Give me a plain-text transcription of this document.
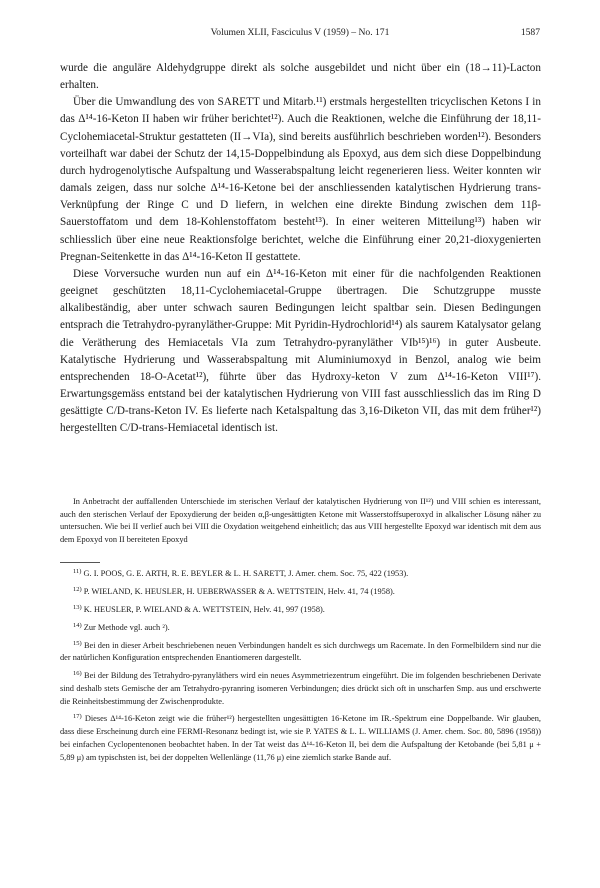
Volumen XLII, Fasciculus V (1959) – No. 171	1587

wurde die anguläre Aldehydgruppe direkt als solche ausgebildet und nicht über ein (18→11)-Lacton erhalten.

Über die Umwandlung des von SARETT und Mitarb.¹¹) erstmals hergestellten tricyclischen Ketons I in das Δ¹⁴-16-Keton II haben wir früher berichtet¹²). Auch die Reaktionen, welche die Einführung der 18,11-Cyclohemiacetal-Struktur gestatteten (II→VIa), sind bereits ausführlich beschrieben worden¹²). Besonders vorteilhaft war dabei der Schutz der 14,15-Doppelbindung als Epoxyd, aus dem sich diese Doppelbindung durch hydrogenolytische Aufspaltung und Wasserabspaltung leicht regenerieren liess. Weiter konnten wir damals zeigen, dass nur solche Δ¹⁴-16-Ketone bei der anschliessenden katalytischen Hydrierung trans-Verknüpfung der Ringe C und D liefern, in welchen eine direkte Bindung zwischen dem 11β-Sauerstoffatom und dem 18-Kohlenstoffatom besteht¹³). In einer weiteren Mitteilung¹³) haben wir schliesslich über eine neue Reaktionsfolge berichtet, welche die Einführung einer 20,21-dioxygenierten Pregnan-Seitenkette in das Δ¹⁴-16-Keton II gestattete.

Diese Vorversuche wurden nun auf ein Δ¹⁴-16-Keton mit einer für die nachfolgenden Reaktionen geeignet geschützten 18,11-Cyclohemiacetal-Gruppe übertragen. Die Schutzgruppe musste alkalibeständig, aber unter schwach sauren Bedingungen leicht spaltbar sein. Diesen Bedingungen entsprach die Tetrahydro-pyranyläther-Gruppe: Mit Pyridin-Hydrochlorid¹⁴) als saurem Katalysator gelang die Verätherung des Hemiacetals VIa zum Tetrahydro-pyranyläther VIb¹⁵)¹⁶) in guter Ausbeute. Katalytische Hydrierung und Wasserabspaltung mit Aluminiumoxyd in Benzol, analog wie beim entsprechenden 18-O-Acetat¹²), führte über das Hydroxy-keton V zum Δ¹⁴-16-Keton VIII¹⁷). Erwartungsgemäss entstand bei der katalytischen Hydrierung von VIII fast ausschliesslich das im Ring D gesättigte C/D-trans-Keton IV. Es lieferte nach Ketalspaltung das 3,16-Diketon VII, das mit dem früher¹²) hergestellten C/D-trans-Hemiacetal identisch ist.

In Anbetracht der auffallenden Unterschiede im sterischen Verlauf der katalytischen Hydrierung von II¹²) und VIII schien es interessant, auch den sterischen Verlauf der Epoxydierung der beiden α,β-ungesättigten Ketone mit Wasserstoffsuperoxyd in alkalischer Lösung näher zu untersuchen. Wie bei II verlief auch bei VIII die Oxydation weitgehend einheitlich; das aus VIII hergestellte Epoxyd war identisch mit dem aus dem Epoxyd von II bereiteten Epoxyd

$^{11)}$ G. I. POOS, G. E. ARTH, R. E. BEYLER & L. H. SARETT, J. Amer. chem. Soc. 75, 422 (1953).

$^{12)}$ P. WIELAND, K. HEUSLER, H. UEBERWASSER & A. WETTSTEIN, Helv. 41, 74 (1958).

$^{13)}$ K. HEUSLER, P. WIELAND & A. WETTSTEIN, Helv. 41, 997 (1958).

$^{14)}$ Zur Methode vgl. auch ²).

$^{15)}$ Bei den in dieser Arbeit beschriebenen neuen Verbindungen handelt es sich durchwegs um Racemate. In den Formelbildern sind nur die der natürlichen Konfiguration entsprechenden Enantiomeren dargestellt.

$^{16)}$ Bei der Bildung des Tetrahydro-pyranyläthers wird ein neues Asymmetriezentrum eingeführt. Die im folgenden beschriebenen Derivate sind deshalb stets Gemische der am Tetrahydro-pyranring isomeren Verbindungen; dies drückt sich oft in unscharfen Smp. aus und erschwerte die Reinheitsbestimmung der Zwischenprodukte.

$^{17)}$ Dieses Δ¹⁴-16-Keton zeigt wie die früher¹²) hergestellten ungesättigten 16-Ketone im IR.-Spektrum eine Doppelbande. Wir glauben, dass diese Erscheinung durch eine FERMI-Resonanz bedingt ist, wie sie P. YATES & L. L. WILLIAMS (J. Amer. chem. Soc. 80, 5896 (1958)) bei einfachen Cyclopentenonen beobachtet haben. In der Tat weist das Δ¹⁴-16-Keton II, bei dem die Aufspaltung der Ketobande (bei 5,81 μ + 5,89 μ) am typischsten ist, bei der doppelten Wellenlänge (11,76 μ) eine ziemlich starke Bande auf.
